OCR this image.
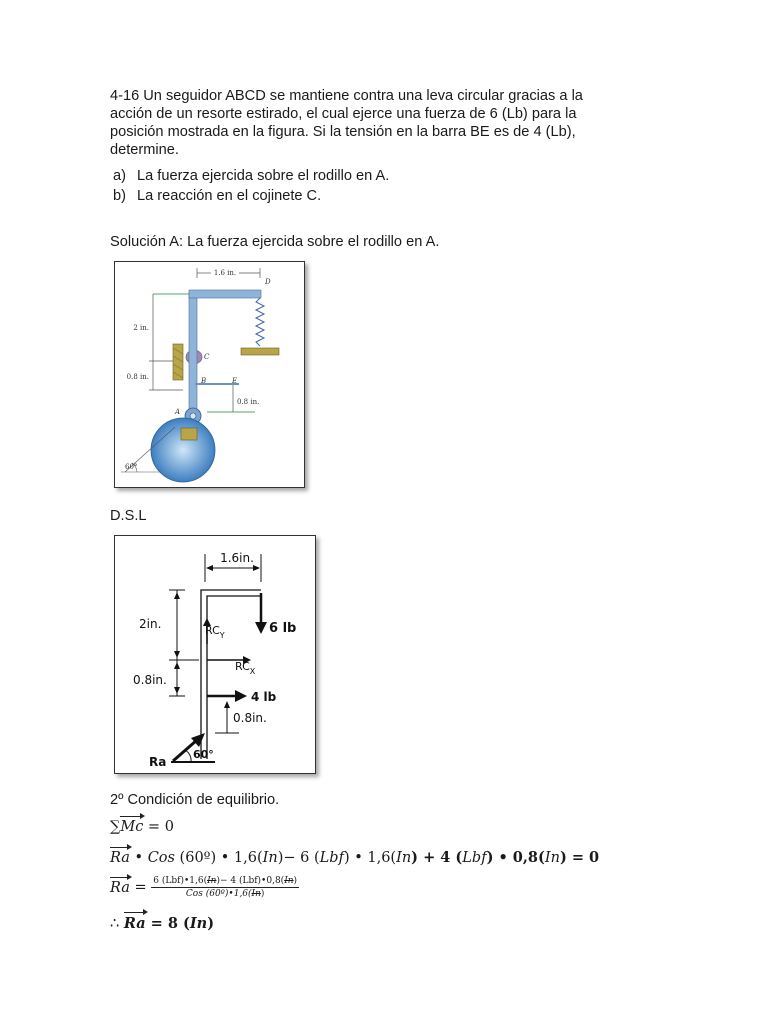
4-16 Un seguidor ABCD se mantiene contra una leva circular gracias a la
acción de un resorte estirado, el cual ejerce una fuerza de 6 (Lb) para la
posición mostrada en la figura. Si la tensión en la barra BE es de 4 (Lb),
determine.
a) La fuerza ejercida sobre el rodillo en A.
b) La reacción en el cojinete C.
Solución A: La fuerza ejercida sobre el rodillo en A.
1.6 in.
2 in.
0.8 in.
0.8 in.
D
C
B	E
A
60°
D.S.L
1.6in.
6 lb
2in.
0.8in.
$RC_Y$
$RC_X$
4 lb
0.8in.
60°
Ra
2º Condición de equilibrio.
∑Mc = 0
Ra • Cos (60º) • 1,6(In)− 6 (Lbf) • 1,6(In) + 4 (Lbf) • 0,8(In) = 0
$Ra = \frac{\text{6 (Lbf)•1,6(In)− 4 (Lbf)•0,8(In)}}{\text{Cos (60º)•1,6(In)}}$
∴ Ra = 8 (In)
